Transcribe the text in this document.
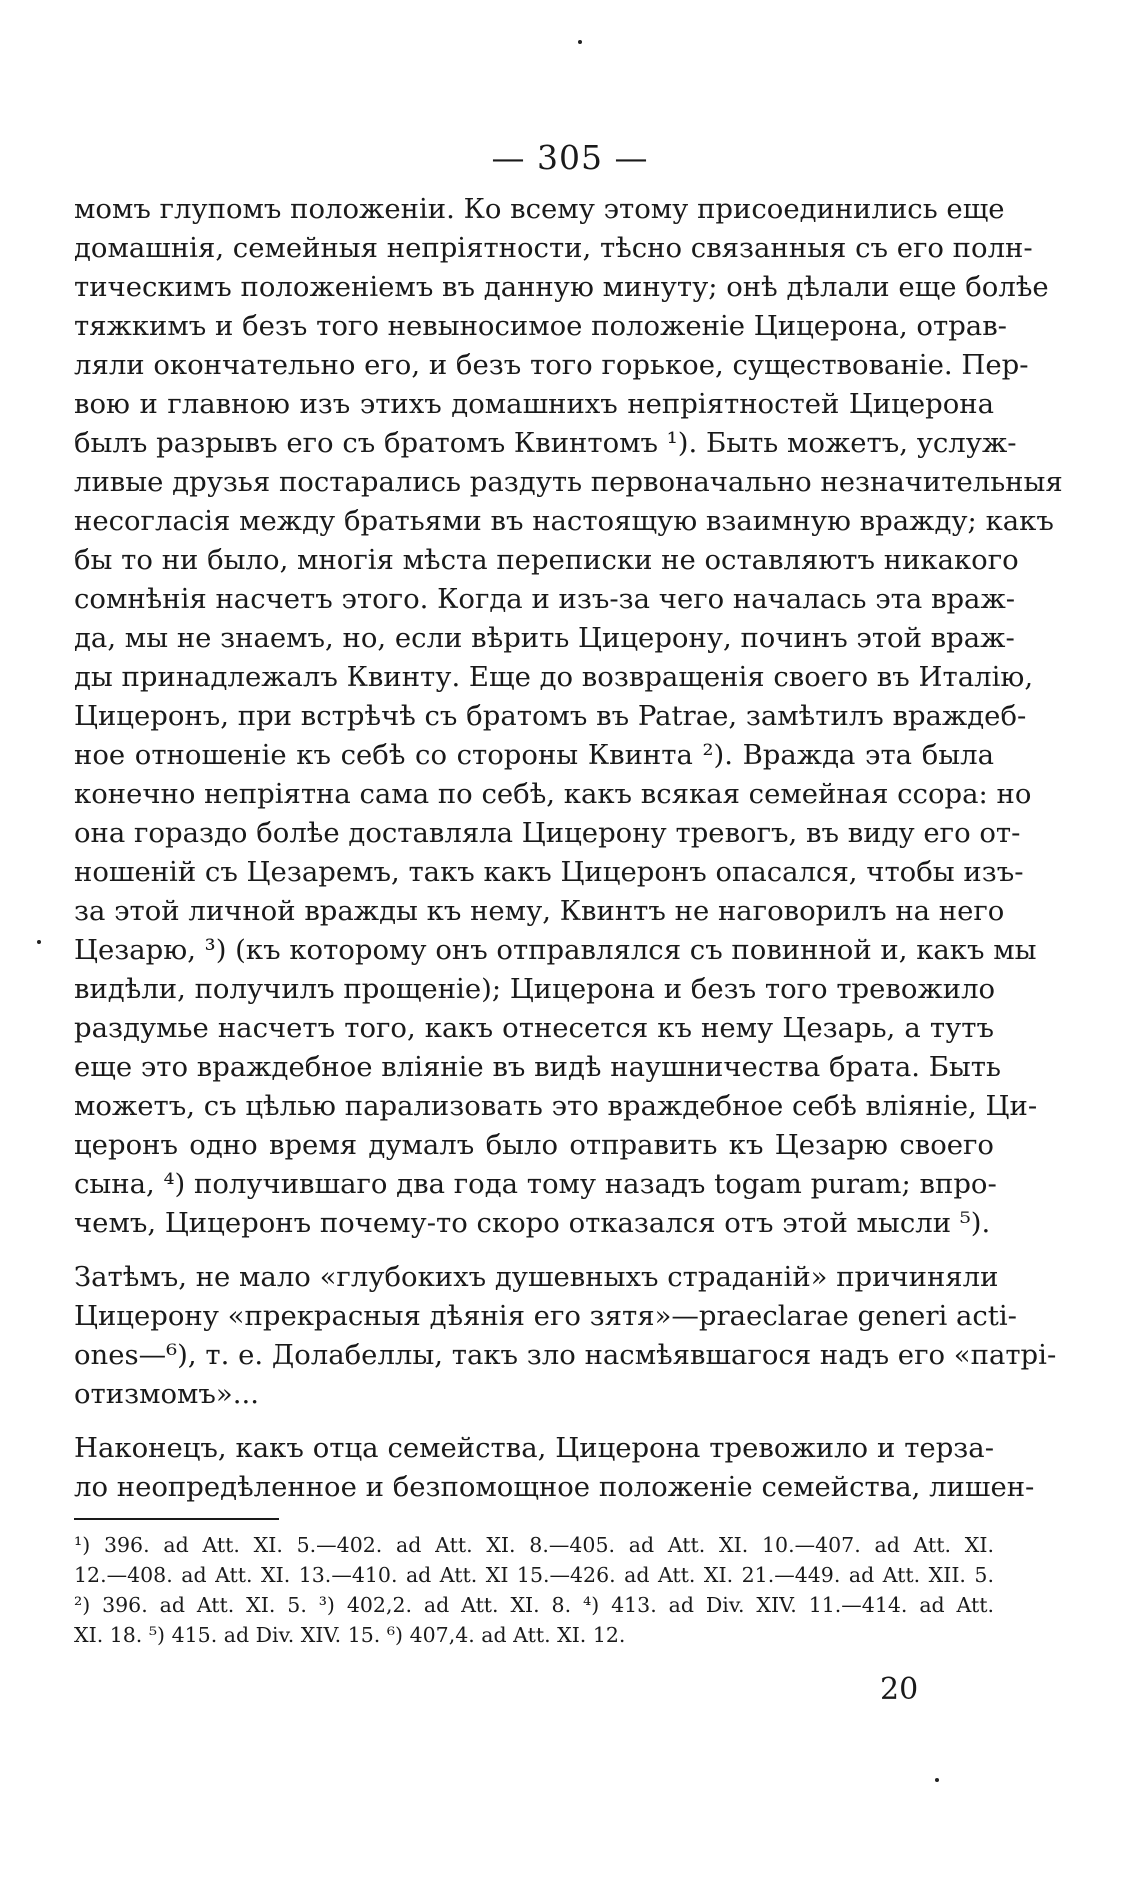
— 305 —
момъ глупомъ положенiи. Ко всему этому присоединились еще
домашнiя, семейныя непрiятности, тѣсно связанныя съ его полн-
тическимъ положенiемъ въ данную минуту; онѣ дѣлали еще болѣе
тяжкимъ и безъ того невыносимое положенiе Цицерона, отрав-
ляли окончательно его, и безъ того горькое, существованiе. Пер-
вою и главною изъ этихъ домашнихъ непрiятностей Цицерона
былъ разрывъ его съ братомъ Квинтомъ ¹). Быть можетъ, услуж-
ливые друзья постарались раздуть первоначально незначительныя
несогласiя между братьями въ настоящую взаимную вражду; какъ
бы то ни было, многiя мѣста переписки не оставляютъ никакого
сомнѣнiя насчетъ этого. Когда и изъ-за чего началась эта враж-
да, мы не знаемъ, но, если вѣрить Цицерону, починъ этой враж-
ды принадлежалъ Квинту. Еще до возвращенiя своего въ Италiю,
Цицеронъ, при встрѣчѣ съ братомъ въ Patrae, замѣтилъ враждеб-
ное отношенiе къ себѣ со стороны Квинта ²). Вражда эта была
конечно непрiятна сама по себѣ, какъ всякая семейная ссора: но
она гораздо болѣе доставляла Цицерону тревогъ, въ виду его от-
ношенiй съ Цезаремъ, такъ какъ Цицеронъ опасался, чтобы изъ-
за этой личной вражды къ нему, Квинтъ не наговорилъ на него
Цезарю, ³) (къ которому онъ отправлялся съ повинной и, какъ мы
видѣли, получилъ прощенiе); Цицерона и безъ того тревожило
раздумье насчетъ того, какъ отнесется къ нему Цезарь, а тутъ
еще это враждебное влiянiе въ видѣ наушничества брата. Быть
можетъ, съ цѣлью парализовать это враждебное себѣ влiянiе, Ци-
церонъ одно время думалъ было отправить къ Цезарю своего
сына, ⁴) получившаго два года тому назадъ togam puram; впро-
чемъ, Цицеронъ почему-то скоро отказался отъ этой мысли ⁵).
Затѣмъ, не мало «глубокихъ душевныхъ страданiй» причиняли
Цицерону «прекрасныя дѣянiя его зятя»—praeclarae generi acti-
ones—⁶), т. е. Долабеллы, такъ зло насмѣявшагося надъ его «патрi-
отизмомъ»...
Наконецъ, какъ отца семейства, Цицерона тревожило и терза-
ло неопредѣленное и безпомощное положенiе семейства, лишен-
¹) 396. ad Att. XI. 5.—402. ad Att. XI. 8.—405. ad Att. XI. 10.—407. ad Att. XI.
12.—408. ad Att. XI. 13.—410. ad Att. XI 15.—426. ad Att. XI. 21.—449. ad Att. XII. 5.
²) 396. ad Att. XI. 5. ³) 402,2. ad Att. XI. 8. ⁴) 413. ad Div. XIV. 11.—414. ad Att.
XI. 18. ⁵) 415. ad Div. XIV. 15. ⁶) 407,4. ad Att. XI. 12.
20
